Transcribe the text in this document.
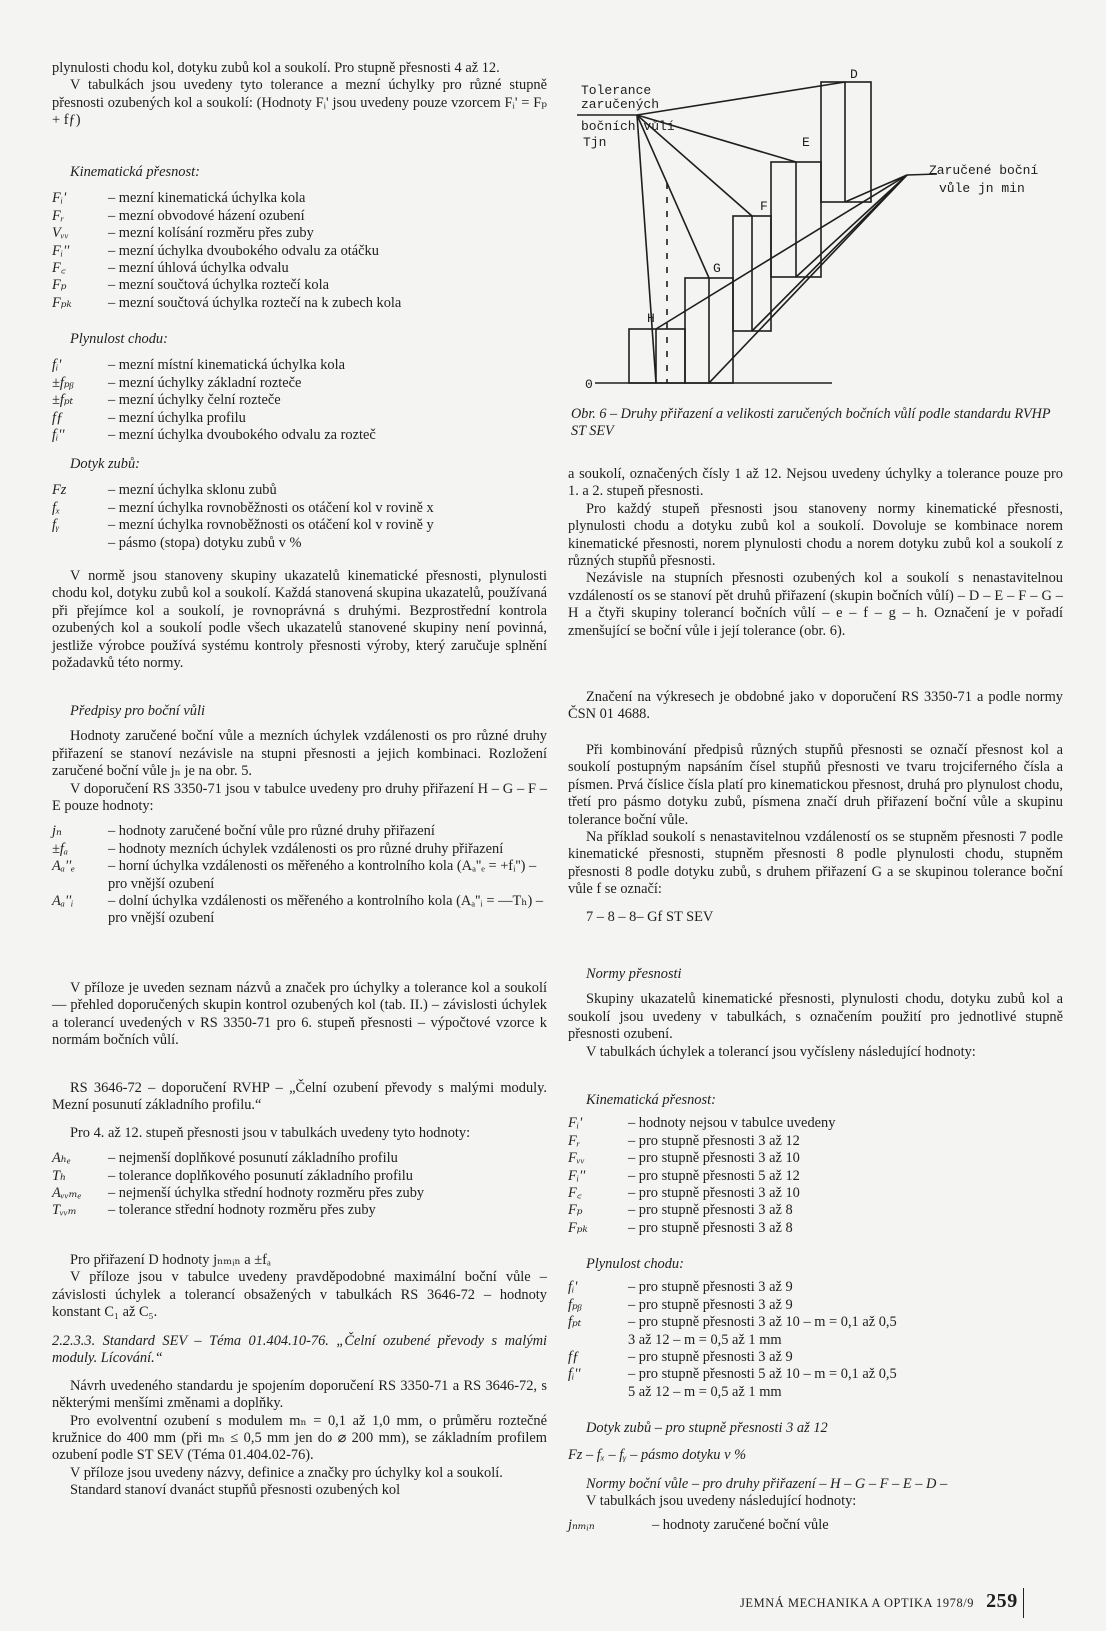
plynulosti chodu kol, dotyku zubů kol a soukolí. Pro stupně přesnosti 4 až 12.

V tabulkách jsou uvedeny tyto tolerance a mezní úchylky pro různé stupně přesnosti ozubených kol a soukolí: (Hodnoty Fᵢ' jsou uvedeny pouze vzorcem Fᵢ' = Fₚ + fƒ)

Kinematická přesnost:
Fᵢ'	– mezní kinematická úchylka kola
Fᵣ	– mezní obvodové házení ozubení
Vᵥᵥ	– mezní kolísání rozměru přes zuby
Fᵢ''	– mezní úchylka dvoubokého odvalu za otáčku
F꜀	– mezní úhlová úchylka odvalu
Fₚ	– mezní součtová úchylka roztečí kola
Fₚₖ	– mezní součtová úchylka roztečí na k zubech kola
Plynulost chodu:
fᵢ'	– mezní místní kinematická úchylka kola
±fₚᵦ	– mezní úchylky základní rozteče
±fₚₜ	– mezní úchylky čelní rozteče
fƒ	– mezní úchylka profilu
fᵢ''	– mezní úchylka dvoubokého odvalu za rozteč
Dotyk zubů:
Fz	– mezní úchylka sklonu zubů
fₓ	– mezní úchylka rovnoběžnosti os otáčení kol v rovině x
fᵧ	– mezní úchylka rovnoběžnosti os otáčení kol v rovině y
– pásmo (stopa) dotyku zubů v %

V normě jsou stanoveny skupiny ukazatelů kinematické přesnosti, plynulosti chodu kol, dotyku zubů kol a soukolí. Každá stanovená skupina ukazatelů, používaná při přejímce kol a soukolí, je rovnoprávná s druhými. Bezprostřední kontrola ozubených kol a soukolí podle všech ukazatelů stanovené skupiny není povinná, jestliže výrobce používá systému kontroly přesnosti výroby, který zaručuje splnění požadavků této normy.

Předpisy pro boční vůli

Hodnoty zaručené boční vůle a mezních úchylek vzdálenosti os pro různé druhy přiřazení se stanoví nezávisle na stupni přesnosti a jejich kombinaci. Rozložení zaručené boční vůle jₙ je na obr. 5.

V doporučení RS 3350-71 jsou v tabulce uvedeny pro druhy přiřazení H – G – F – E pouze hodnoty:

jₙ	– hodnoty zaručené boční vůle pro různé druhy přiřazení
±fₐ	– hodnoty mezních úchylek vzdálenosti os pro různé druhy přiřazení
Aₐ''ₑ	– horní úchylka vzdálenosti os měřeného a kontrolního kola (Aₐ''ₑ = +fᵢ'') – pro vnější ozubení
Aₐ''ᵢ	– dolní úchylka vzdálenosti os měřeného a kontrolního kola (Aₐ''ᵢ = —Tₕ) – pro vnější ozubení

V příloze je uveden seznam názvů a značek pro úchylky a tolerance kol a soukolí — přehled doporučených skupin kontrol ozubených kol (tab. II.) – závislosti úchylek a tolerancí uvedených v RS 3350-71 pro 6. stupeň přesnosti – výpočtové vzorce k normám bočních vůlí.

RS 3646-72 – doporučení RVHP – „Čelní ozubení převody s malými moduly. Mezní posunutí základního profilu.“

Pro 4. až 12. stupeň přesnosti jsou v tabulkách uvedeny tyto hodnoty:

Aₕₑ	– nejmenší doplňkové posunutí základního profilu
Tₕ	– tolerance doplňkového posunutí základního profilu
Aᵥᵥₘₑ	– nejmenší úchylka střední hodnoty rozměru přes zuby
Tᵥᵥₘ	– tolerance střední hodnoty rozměru přes zuby

Pro přiřazení D hodnoty jₙₘᵢₙ a ±fₐ

V příloze jsou v tabulce uvedeny pravděpodobné maximální boční vůle – závislosti úchylek a tolerancí obsažených v tabulkách RS 3646-72 – hodnoty konstant C₁ až C₅.

2.2.3.3. Standard SEV – Téma 01.404.10-76. „Čelní ozubené převody s malými moduly. Lícování.“

Návrh uvedeného standardu je spojením doporučení RS 3350-71 a RS 3646-72, s některými menšími změnami a doplňky.

Pro evolventní ozubení s modulem mₙ = 0,1 až 1,0 mm, o průměru roztečné kružnice do 400 mm (při mₙ ≤ 0,5 mm jen do ⌀ 200 mm), se základním profilem ozubení podle ST SEV (Téma 01.404.02-76).

V příloze jsou uvedeny názvy, definice a značky pro úchylky kol a soukolí.

Standard stanoví dvanáct stupňů přesnosti ozubených kol

Tolerance
zaručených
bočních vůlí
Tjn
Zaručené boční
vůle jn min
H
G
F
E
D
0
Obr. 6 – Druhy přiřazení a velikosti zaručených bočních vůlí podle standardu RVHP ST SEV

a soukolí, označených čísly 1 až 12. Nejsou uvedeny úchylky a tolerance pouze pro 1. a 2. stupeň přesnosti.

Pro každý stupeň přesnosti jsou stanoveny normy kinematické přesnosti, plynulosti chodu a dotyku zubů kol a soukolí. Dovoluje se kombinace norem kinematické přesnosti, norem plynulosti chodu a norem dotyku zubů kol a soukolí z různých stupňů přesnosti.

Nezávisle na stupních přesnosti ozubených kol a soukolí s nenastavitelnou vzdáleností os se stanoví pět druhů přiřazení (skupin bočních vůlí) – D – E – F – G – H a čtyři skupiny tolerancí bočních vůlí – e – f – g – h. Označení je v pořadí zmenšující se boční vůle i její tolerance (obr. 6).

Značení na výkresech je obdobné jako v doporučení RS 3350-71 a podle normy ČSN 01 4688.

Při kombinování předpisů různých stupňů přesnosti se označí přesnost kol a soukolí postupným napsáním čísel stupňů přesnosti ve tvaru trojciferného čísla a písmen. Prvá číslice čísla platí pro kinematickou přesnost, druhá pro plynulost chodu, třetí pro pásmo dotyku zubů, písmena značí druh přiřazení boční vůle a skupinu tolerance boční vůle.

Na příklad soukolí s nenastavitelnou vzdáleností os se stupněm přesnosti 7 podle kinematické přesnosti, stupněm přesnosti 8 podle plynulosti chodu, stupněm přesnosti 8 podle dotyku zubů, s druhem přiřazení G a se skupinou tolerance boční vůle f se označí:

7 – 8 – 8– Gf ST SEV

Normy přesnosti

Skupiny ukazatelů kinematické přesnosti, plynulosti chodu, dotyku zubů kol a soukolí jsou uvedeny v tabulkách, s označením použití pro jednotlivé stupně přesnosti ozubení.

V tabulkách úchylek a tolerancí jsou vyčísleny následující hodnoty:

Kinematická přesnost:
Fᵢ'	– hodnoty nejsou v tabulce uvedeny
Fᵣ	– pro stupně přesnosti 3 až 12
Fᵥᵥ	– pro stupně přesnosti 3 až 10
Fᵢ''	– pro stupně přesnosti 5 až 12
F꜀	– pro stupně přesnosti 3 až 10
Fₚ	– pro stupně přesnosti 3 až 8
Fₚₖ	– pro stupně přesnosti 3 až 8
Plynulost chodu:
fᵢ'	– pro stupně přesnosti 3 až 9
fₚᵦ	– pro stupně přesnosti 3 až 9
fₚₜ	– pro stupně přesnosti 3 až 10 – m = 0,1 až 0,5
3 až 12 – m = 0,5 až 1 mm
fƒ	– pro stupně přesnosti 3 až 9
fᵢ''	– pro stupně přesnosti 5 až 10 – m = 0,1 až 0,5
5 až 12 – m = 0,5 až 1 mm

Dotyk zubů – pro stupně přesnosti 3 až 12

Fz – fₓ – fᵧ – pásmo dotyku v %

Normy boční vůle – pro druhy přiřazení – H – G – F – E – D –

V tabulkách jsou uvedeny následující hodnoty:

jₙₘᵢₙ	– hodnoty zaručené boční vůle
JEMNÁ MECHANIKA A OPTIKA 1978/9 259
